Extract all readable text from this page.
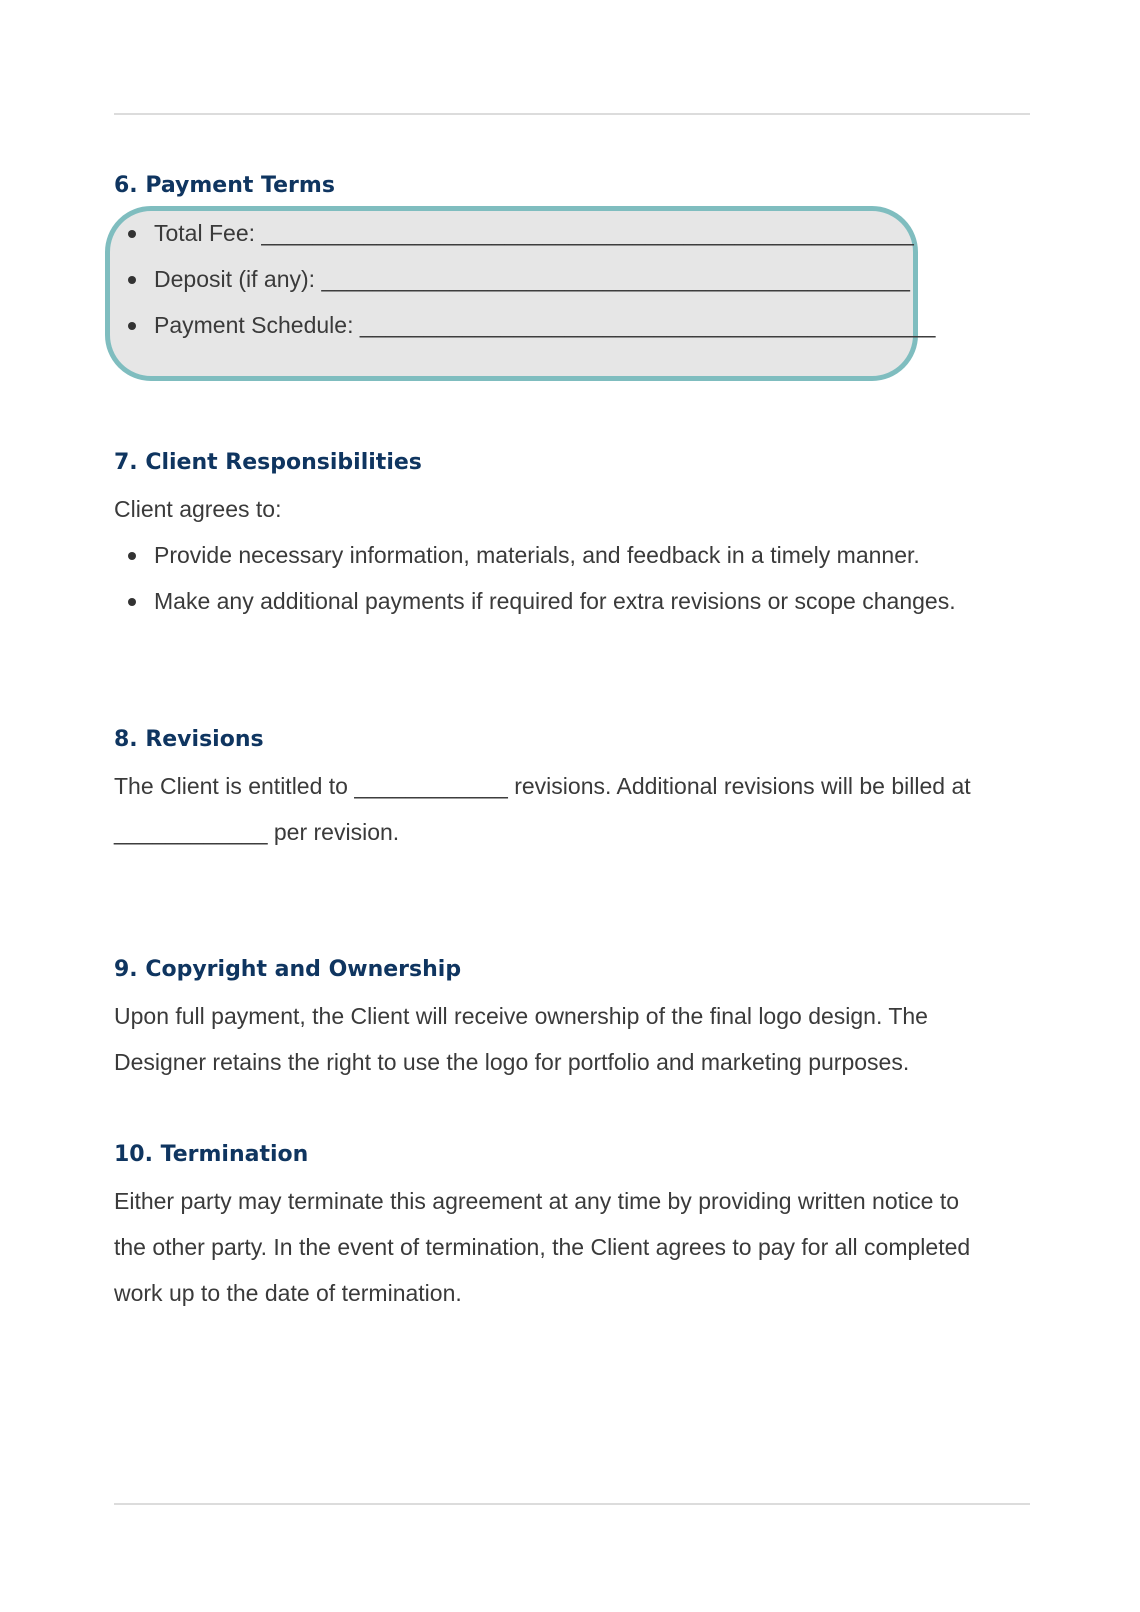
6. Payment Terms
Total Fee: ___________________________________________________
Deposit (if any): ______________________________________________
Payment Schedule: _____________________________________________
7. Client Responsibilities

Client agrees to:

Provide necessary information, materials, and feedback in a timely manner.
Make any additional payments if required for extra revisions or scope changes.
8. Revisions

The Client is entitled to ____________ revisions. Additional revisions will be billed at

____________ per revision.

9. Copyright and Ownership

Upon full payment, the Client will receive ownership of the final logo design. The

Designer retains the right to use the logo for portfolio and marketing purposes.

10. Termination

Either party may terminate this agreement at any time by providing written notice to

the other party. In the event of termination, the Client agrees to pay for all completed

work up to the date of termination.
